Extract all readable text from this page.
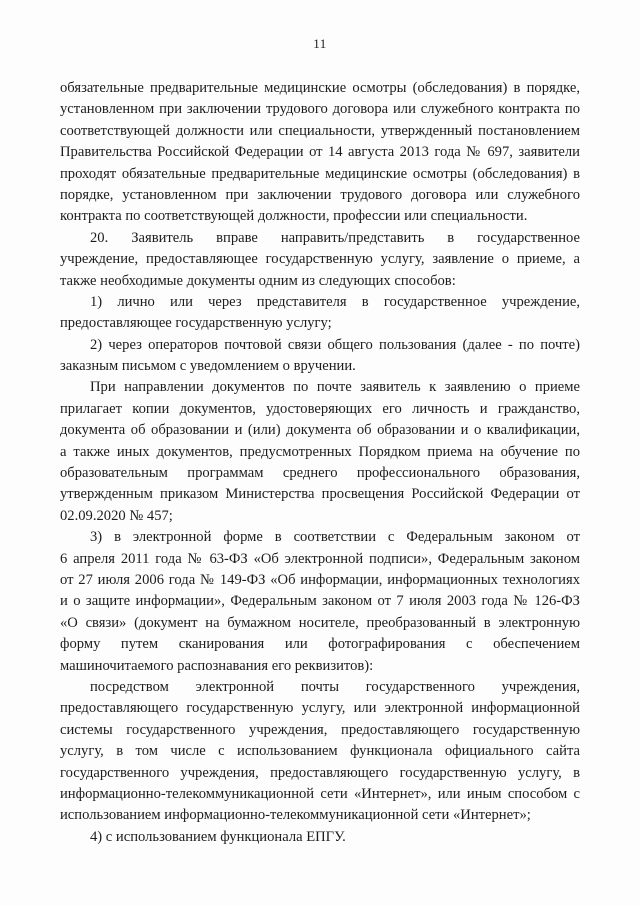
11
обязательные предварительные медицинские осмотры (обследования) в порядке,
установленном при заключении трудового договора или служебного контракта по
соответствующей должности или специальности, утвержденный постановлением
Правительства Российской Федерации от 14 августа 2013 года № 697, заявители
проходят обязательные предварительные медицинские осмотры (обследования) в
порядке, установленном при заключении трудового договора или служебного
контракта по соответствующей должности, профессии или специальности.
20. Заявитель вправе направить/представить в государственное
учреждение, предоставляющее государственную услугу, заявление о приеме, а
также необходимые документы одним из следующих способов:
1) лично или через представителя в государственное учреждение,
предоставляющее государственную услугу;
2) через операторов почтовой связи общего пользования (далее - по почте)
заказным письмом с уведомлением о вручении.
При направлении документов по почте заявитель к заявлению о приеме
прилагает копии документов, удостоверяющих его личность и гражданство,
документа об образовании и (или) документа об образовании и о квалификации,
а также иных документов, предусмотренных Порядком приема на обучение по
образовательным программам среднего профессионального образования,
утвержденным приказом Министерства просвещения Российской Федерации от
02.09.2020 № 457;
3) в электронной форме в соответствии с Федеральным законом от
6 апреля 2011 года № 63-ФЗ «Об электронной подписи», Федеральным законом
от 27 июля 2006 года № 149-ФЗ «Об информации, информационных технологиях
и о защите информации», Федеральным законом от 7 июля 2003 года № 126-ФЗ
«О связи» (документ на бумажном носителе, преобразованный в электронную
форму путем сканирования или фотографирования с обеспечением
машиночитаемого распознавания его реквизитов):
посредством электронной почты государственного учреждения,
предоставляющего государственную услугу, или электронной информационной
системы государственного учреждения, предоставляющего государственную
услугу, в том числе с использованием функционала официального сайта
государственного учреждения, предоставляющего государственную услугу, в
информационно-телекоммуникационной сети «Интернет», или иным способом с
использованием информационно-телекоммуникационной сети «Интернет»;
4) с использованием функционала ЕПГУ.
